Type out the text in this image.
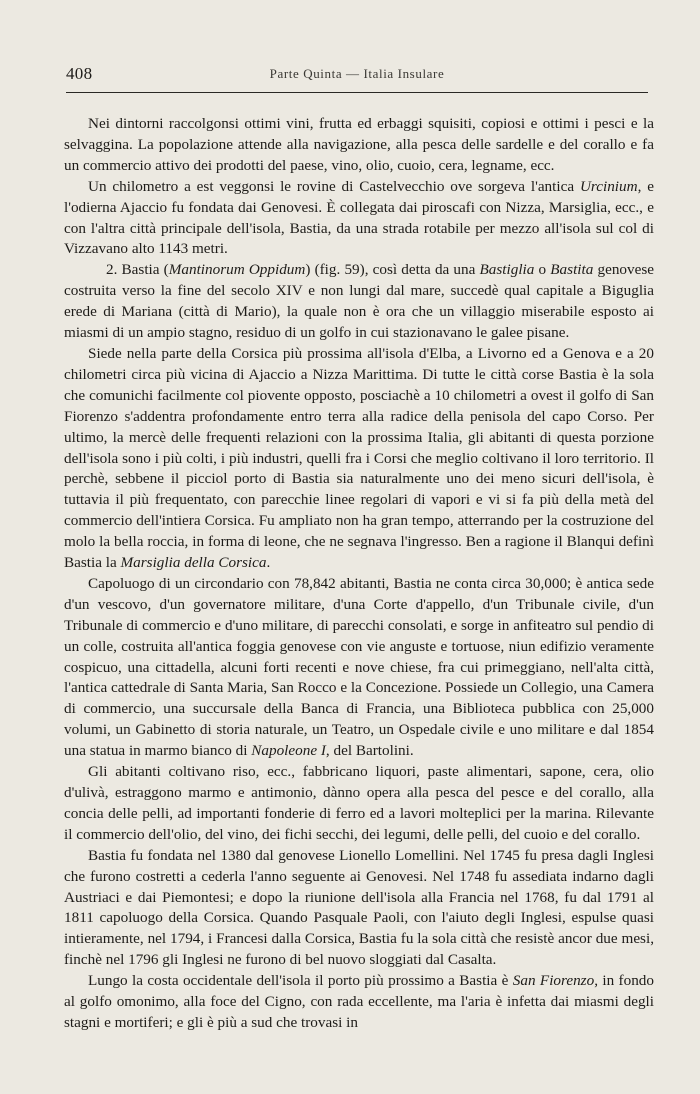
408	Parte Quinta — Italia Insulare

Nei dintorni raccolgonsi ottimi vini, frutta ed erbaggi squisiti, copiosi e ottimi i pesci e la selvaggina. La popolazione attende alla navigazione, alla pesca delle sardelle e del corallo e fa un commercio attivo dei prodotti del paese, vino, olio, cuoio, cera, legname, ecc.

Un chilometro a est veggonsi le rovine di Castelvecchio ove sorgeva l'antica Urcinium, e l'odierna Ajaccio fu fondata dai Genovesi. È collegata dai piroscafi con Nizza, Marsiglia, ecc., e con l'altra città principale dell'isola, Bastia, da una strada rotabile per mezzo all'isola sul col di Vizzavano alto 1143 metri.

2. Bastia (Mantinorum Oppidum) (fig. 59), così detta da una Bastiglia o Bastita genovese costruita verso la fine del secolo XIV e non lungi dal mare, succedè qual capitale a Biguglia erede di Mariana (città di Mario), la quale non è ora che un villaggio miserabile esposto ai miasmi di un ampio stagno, residuo di un golfo in cui stazionavano le galee pisane.

Siede nella parte della Corsica più prossima all'isola d'Elba, a Livorno ed a Genova e a 20 chilometri circa più vicina di Ajaccio a Nizza Marittima. Di tutte le città corse Bastia è la sola che comunichi facilmente col piovente opposto, posciachè a 10 chilometri a ovest il golfo di San Fiorenzo s'addentra profondamente entro terra alla radice della penisola del capo Corso. Per ultimo, la mercè delle frequenti relazioni con la prossima Italia, gli abitanti di questa porzione dell'isola sono i più colti, i più industri, quelli fra i Corsi che meglio coltivano il loro territorio. Il perchè, sebbene il picciol porto di Bastia sia naturalmente uno dei meno sicuri dell'isola, è tuttavia il più frequentato, con parecchie linee regolari di vapori e vi si fa più della metà del commercio dell'intiera Corsica. Fu ampliato non ha gran tempo, atterrando per la costruzione del molo la bella roccia, in forma di leone, che ne segnava l'ingresso. Ben a ragione il Blanqui definì Bastia la Marsiglia della Corsica.

Capoluogo di un circondario con 78,842 abitanti, Bastia ne conta circa 30,000; è antica sede d'un vescovo, d'un governatore militare, d'una Corte d'appello, d'un Tribunale civile, d'un Tribunale di commercio e d'uno militare, di parecchi consolati, e sorge in anfiteatro sul pendio di un colle, costruita all'antica foggia genovese con vie anguste e tortuose, niun edifizio veramente cospicuo, una cittadella, alcuni forti recenti e nove chiese, fra cui primeggiano, nell'alta città, l'antica cattedrale di Santa Maria, San Rocco e la Concezione. Possiede un Collegio, una Camera di commercio, una succursale della Banca di Francia, una Biblioteca pubblica con 25,000 volumi, un Gabinetto di storia naturale, un Teatro, un Ospedale civile e uno militare e dal 1854 una statua in marmo bianco di Napoleone I, del Bartolini.

Gli abitanti coltivano riso, ecc., fabbricano liquori, paste alimentari, sapone, cera, olio d'ulivà, estraggono marmo e antimonio, dànno opera alla pesca del pesce e del corallo, alla concia delle pelli, ad importanti fonderie di ferro ed a lavori molteplici per la marina. Rilevante il commercio dell'olio, del vino, dei fichi secchi, dei legumi, delle pelli, del cuoio e del corallo.

Bastia fu fondata nel 1380 dal genovese Lionello Lomellini. Nel 1745 fu presa dagli Inglesi che furono costretti a cederla l'anno seguente ai Genovesi. Nel 1748 fu assediata indarno dagli Austriaci e dai Piemontesi; e dopo la riunione dell'isola alla Francia nel 1768, fu dal 1791 al 1811 capoluogo della Corsica. Quando Pasquale Paoli, con l'aiuto degli Inglesi, espulse quasi intieramente, nel 1794, i Francesi dalla Corsica, Bastia fu la sola città che resistè ancor due mesi, finchè nel 1796 gli Inglesi ne furono di bel nuovo sloggiati dal Casalta.

Lungo la costa occidentale dell'isola il porto più prossimo a Bastia è San Fiorenzo, in fondo al golfo omonimo, alla foce del Cigno, con rada eccellente, ma l'aria è infetta dai miasmi degli stagni e mortiferi; e gli è più a sud che trovasi in
